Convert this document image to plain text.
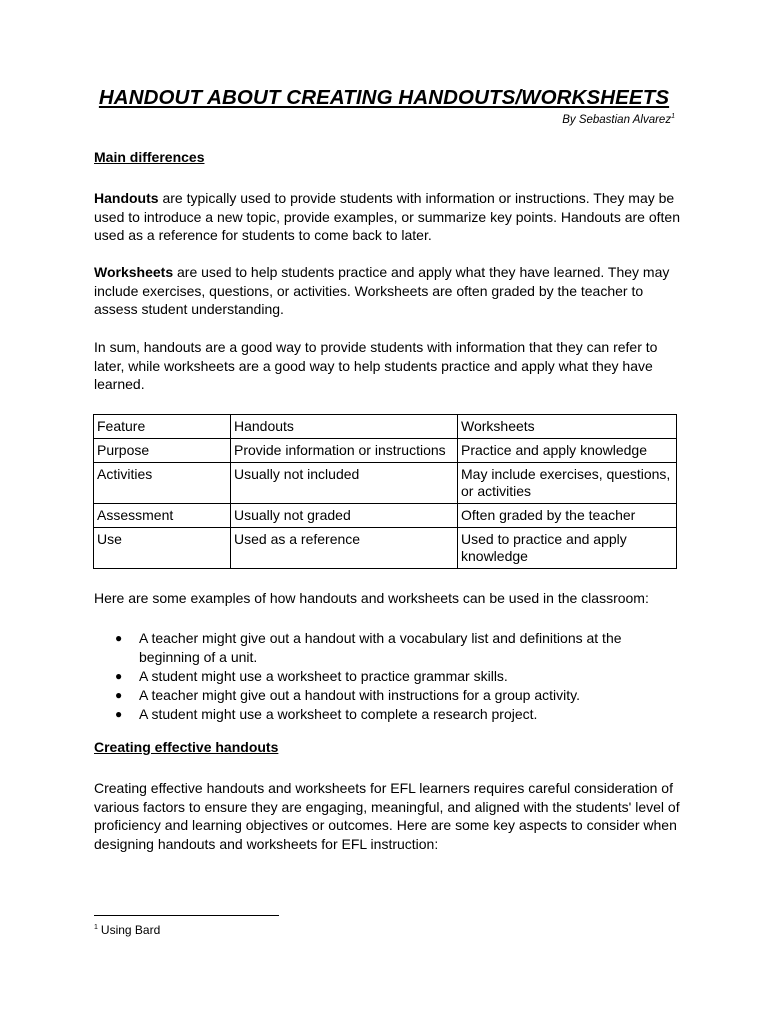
HANDOUT ABOUT CREATING HANDOUTS/WORKSHEETS
By Sebastian Alvarez$^1$
Main differences

Handouts are typically used to provide students with information or instructions. They may be used to introduce a new topic, provide examples, or summarize key points. Handouts are often used as a reference for students to come back to later.

Worksheets are used to help students practice and apply what they have learned. They may include exercises, questions, or activities. Worksheets are often graded by the teacher to assess student understanding.

In sum, handouts are a good way to provide students with information that they can refer to later, while worksheets are a good way to help students practice and apply what they have learned.

Feature	Handouts	Worksheets
Purpose	Provide information or instructions	Practice and apply knowledge
Activities	Usually not included	May include exercises, questions, or activities
Assessment	Usually not graded	Often graded by the teacher
Use	Used as a reference	Used to practice and apply knowledge

Here are some examples of how handouts and worksheets can be used in the classroom:

● A teacher might give out a handout with a vocabulary list and definitions at the beginning of a unit.
● A student might use a worksheet to practice grammar skills.
● A teacher might give out a handout with instructions for a group activity.
● A student might use a worksheet to complete a research project.
Creating effective handouts

Creating effective handouts and worksheets for EFL learners requires careful consideration of various factors to ensure they are engaging, meaningful, and aligned with the students' level of proficiency and learning objectives or outcomes. Here are some key aspects to consider when designing handouts and worksheets for EFL instruction:

$^1$ Using Bard
